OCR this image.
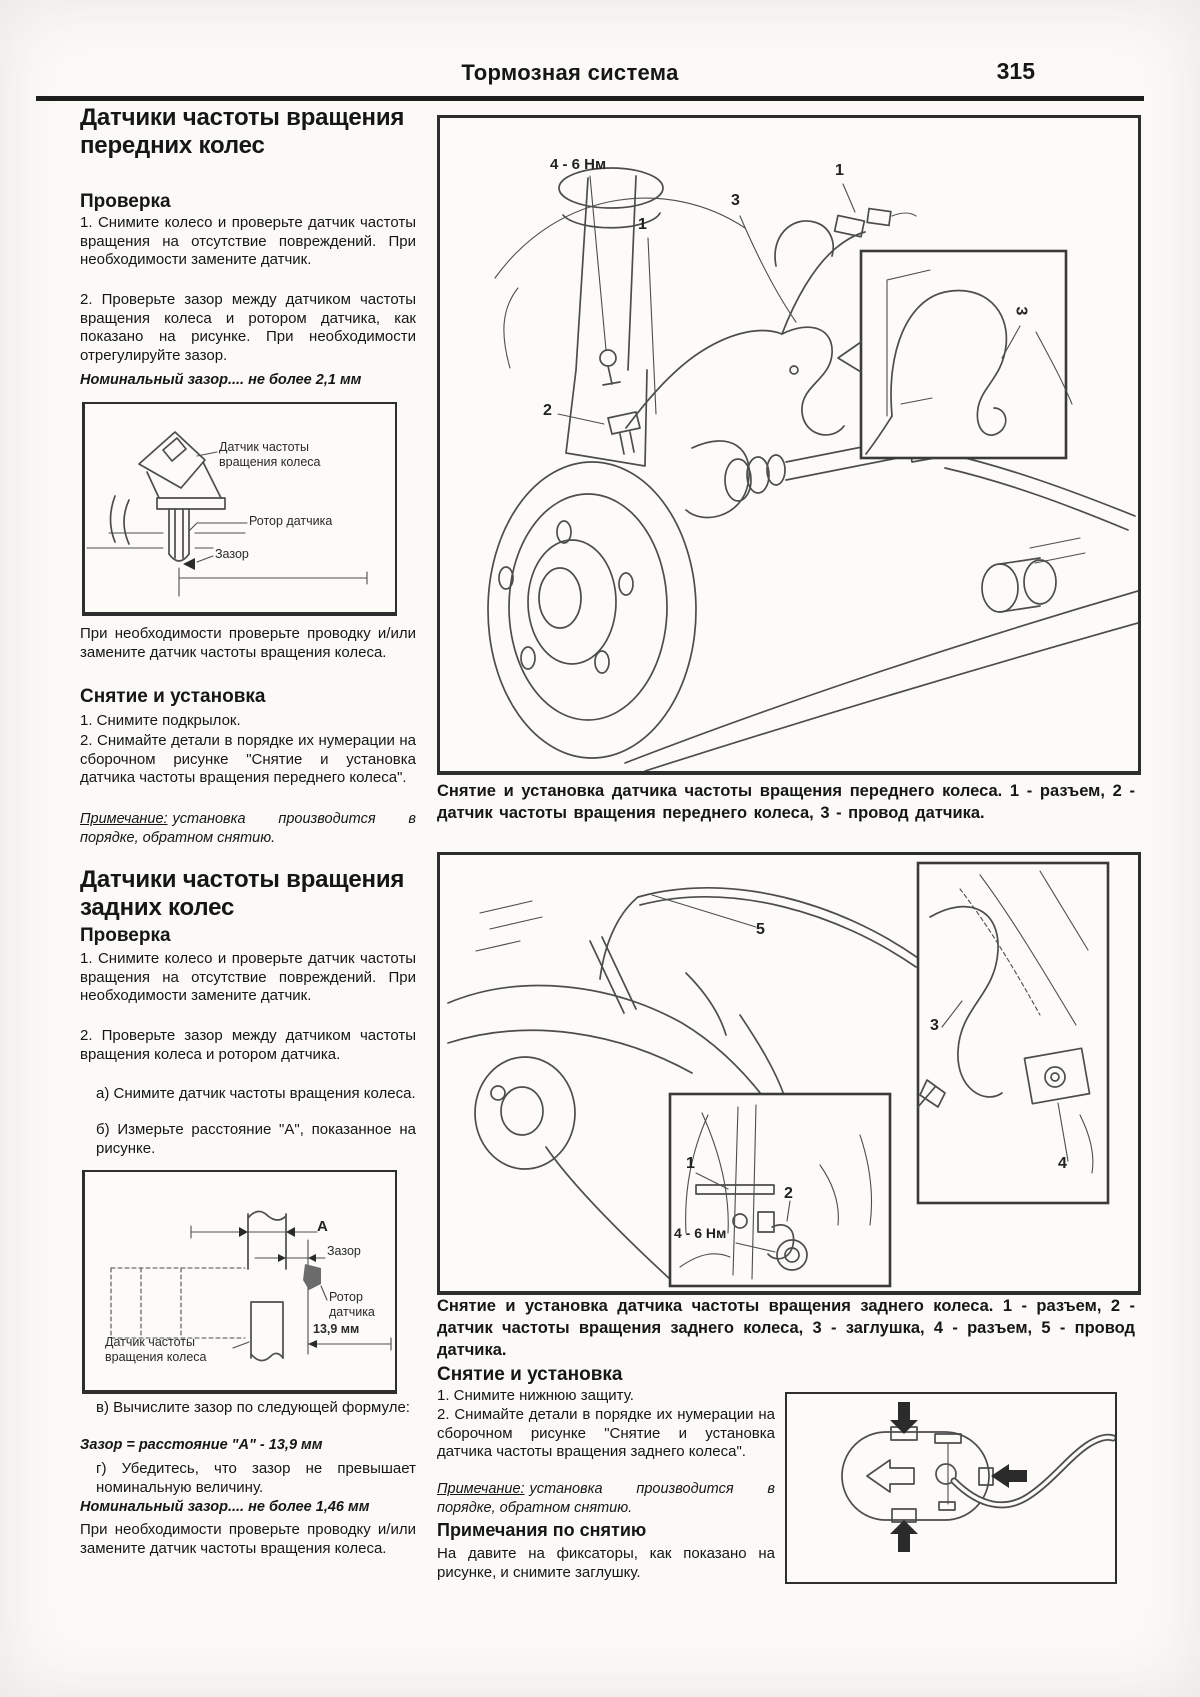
Тормозная система	315
Датчики частоты вращения передних колес
Проверка
1. Снимите колесо и проверьте датчик частоты вращения на отсутствие повреждений. При необходимости замените датчик.
2. Проверьте зазор между датчиком частоты вращения колеса и ротором датчика, как показано на рисунке. При необходимости отрегулируйте зазор.
Номинальный зазор.... не более 2,1 мм
Датчик частоты вращения колеса
Ротор датчика
Зазор
При необходимости проверьте проводку и/или замените датчик частоты вращения колеса.
Снятие и установка
1. Снимите подкрылок.
2. Снимайте детали в порядке их нумерации на сборочном рисунке "Снятие и установка датчика частоты вращения переднего колеса".
Примечание: установка производится в порядке, обратном снятию.
Датчики частоты вращения задних колес
Проверка
1. Снимите колесо и проверьте датчик частоты вращения на отсутствие повреждений. При необходимости замените датчик.
2. Проверьте зазор между датчиком частоты вращения колеса и ротором датчика.
а) Снимите датчик частоты вращения колеса.
б) Измерьте расстояние "А", показанное на рисунке.
A
Зазор
Ротор датчика
Датчик частоты вращения колеса
13,9 мм
в) Вычислите зазор по следующей формуле:
Зазор = расстояние "А" - 13,9 мм
г) Убедитесь, что зазор не превышает номинальную величину.
Номинальный зазор.... не более 1,46 мм
При необходимости проверьте проводку и/или замените датчик частоты вращения колеса.
4 - 6 Нм	1
3
1
2
3
Снятие и установка датчика частоты вращения переднего колеса. 1 - разъем, 2 - датчик частоты вращения переднего колеса, 3 - провод датчика.
5
3
4
1
2
4 - 6 Нм
Снятие и установка датчика частоты вращения заднего колеса. 1 - разъем, 2 - датчик частоты вращения заднего колеса, 3 - заглушка, 4 - разъем, 5 - провод датчика.
Снятие и установка
1. Снимите нижнюю защиту.
2. Снимайте детали в порядке их нумерации на сборочном рисунке "Снятие и установка датчика частоты вращения заднего колеса".
Примечание: установка производится в порядке, обратном снятию.
Примечания по снятию
На давите на фиксаторы, как показано на рисунке, и снимите заглушку.
